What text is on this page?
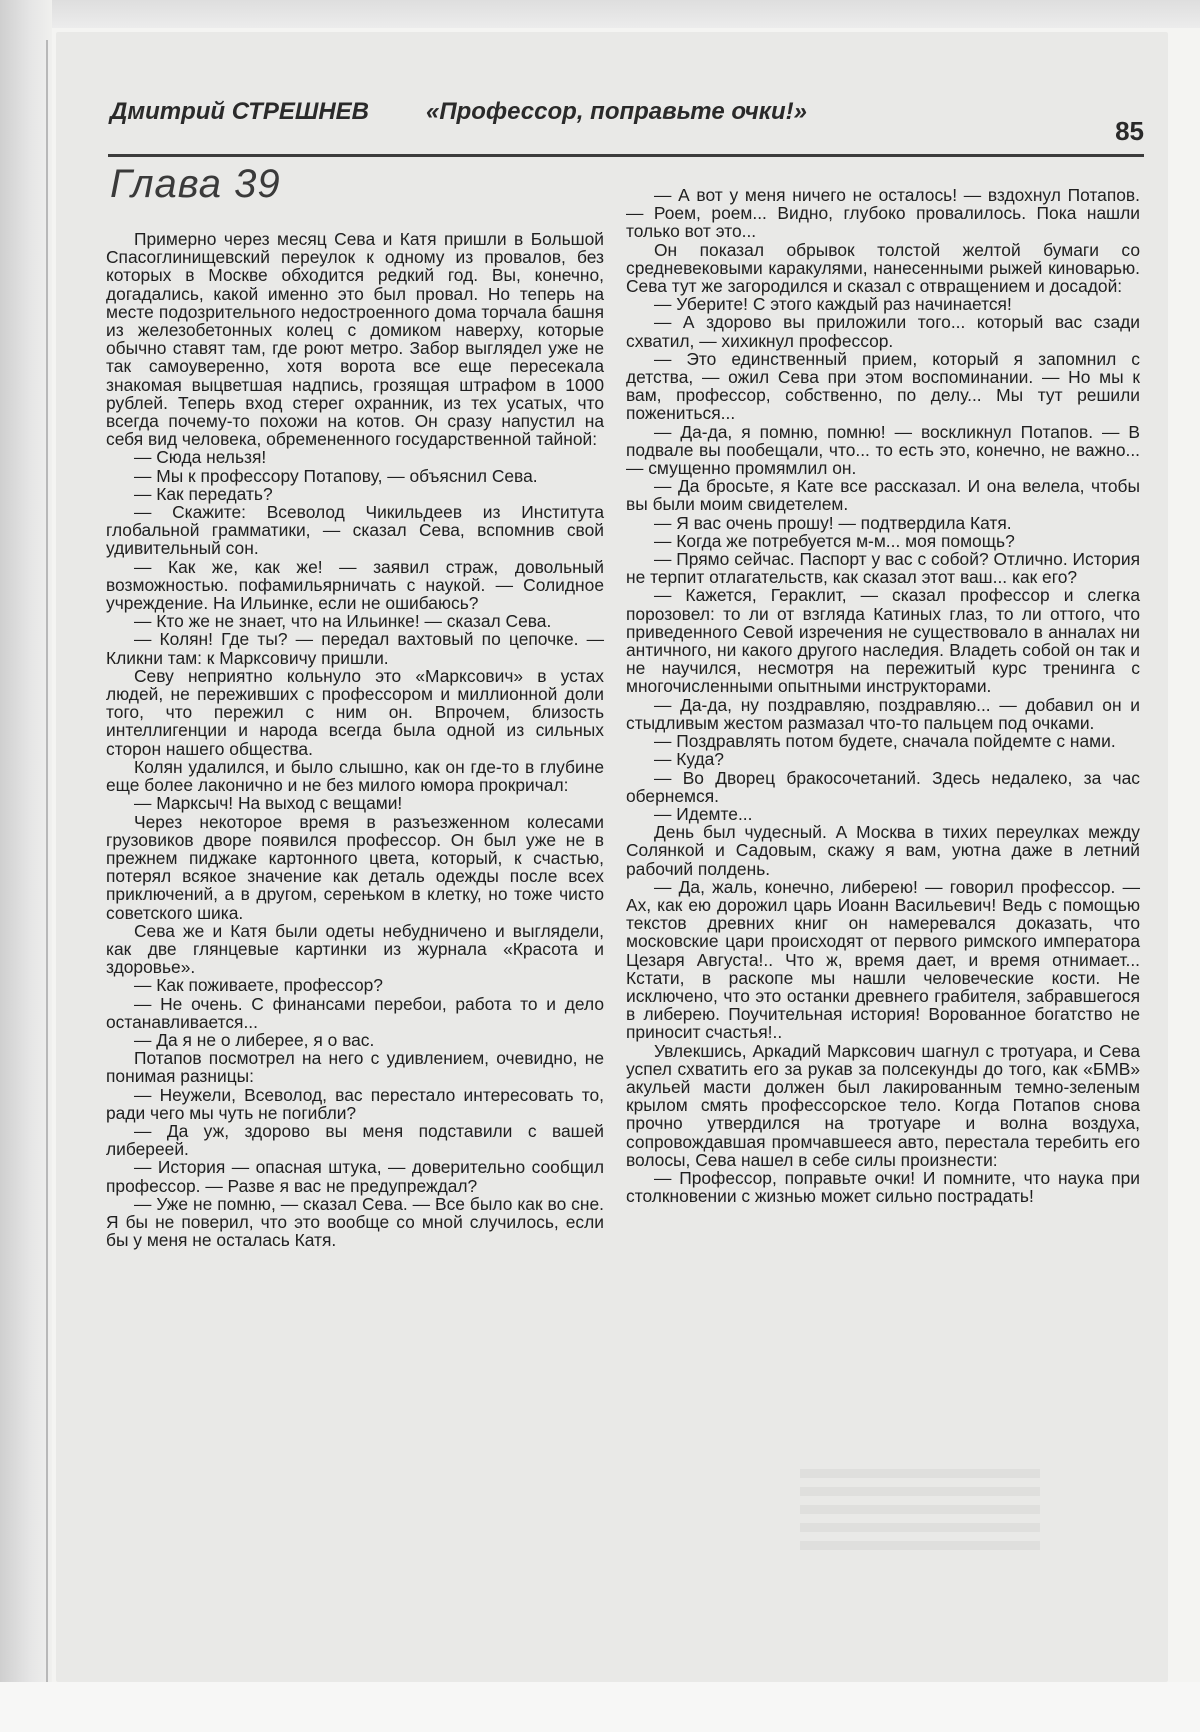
Дмитрий СТРЕШНЕВ «Профессор, поправьте очки!»
85
Глава 39

Примерно через месяц Сева и Катя пришли в Большой Спасоглинищевский переулок к одному из провалов, без которых в Москве обходится редкий год. Вы, конечно, догадались, какой именно это был провал. Но теперь на месте подозрительного недостроенного дома торчала башня из железобетонных колец с домиком наверху, которые обычно ставят там, где роют метро. Забор выглядел уже не так самоуверенно, хотя ворота все еще пересекала знакомая выцветшая надпись, грозящая штрафом в 1000 рублей. Теперь вход стерег охранник, из тех усатых, что всегда почему-то похожи на котов. Он сразу напустил на себя вид человека, обремененного государственной тайной:

— Сюда нельзя!

— Мы к профессору Потапову, — объяснил Сева.

— Как передать?

— Скажите: Всеволод Чикильдеев из Института глобальной грамматики, — сказал Сева, вспомнив свой удивительный сон.

— Как же, как же! — заявил страж, довольный возможностью. пофамильярничать с наукой. — Солидное учреждение. На Ильинке, если не ошибаюсь?

— Кто же не знает, что на Ильинке! — сказал Сева.

— Колян! Где ты? — передал вахтовый по цепочке. — Кликни там: к Марксовичу пришли.

Севу неприятно кольнуло это «Марксович» в устах людей, не переживших с профессором и миллионной доли того, что пережил с ним он. Впрочем, близость интеллигенции и народа всегда была одной из сильных сторон нашего общества.

Колян удалился, и было слышно, как он где-то в глубине еще более лаконично и не без милого юмора прокричал:

— Марксыч! На выход с вещами!

Через некоторое время в разъезженном колесами грузовиков дворе появился профессор. Он был уже не в прежнем пиджаке картонного цвета, который, к счастью, потерял всякое значение как деталь одежды после всех приключений, а в другом, серењком в клетку, но тоже чисто советского шика.

Сева же и Катя были одеты небудничено и выглядели, как две глянцевые картинки из журнала «Красота и здоровье».

— Как поживаете, профессор?

— Не очень. С финансами перебои, работа то и дело останавливается...

— Да я не о либерее, я о вас.

Потапов посмотрел на него с удивлением, очевидно, не понимая разницы:

— Неужели, Всеволод, вас перестало интересовать то, ради чего мы чуть не погибли?

— Да уж, здорово вы меня подставили с вашей либереей.

— История — опасная штука, — доверительно сообщил профессор. — Разве я вас не предупреждал?

— Уже не помню, — сказал Сева. — Все было как во сне. Я бы не поверил, что это вообще со мной случилось, если бы у меня не осталась Катя.

— А вот у меня ничего не осталось! — вздохнул Потапов. — Роем, роем... Видно, глубоко провалилось. Пока нашли только вот это...

Он показал обрывок толстой желтой бумаги со средневековыми каракулями, нанесенными рыжей киноварью. Сева тут же загородился и сказал с отвращением и досадой:

— Уберите! С этого каждый раз начинается!

— А здорово вы приложили того... который вас сзади схватил, — хихикнул профессор.

— Это единственный прием, который я запомнил с детства, — ожил Сева при этом воспоминании. — Но мы к вам, профессор, собственно, по делу... Мы тут решили пожениться...

— Да-да, я помню, помню! — воскликнул Потапов. — В подвале вы пообещали, что... то есть это, конечно, не важно... — смущенно промямлил он.

— Да бросьте, я Кате все рассказал. И она велела, чтобы вы были моим свидетелем.

— Я вас очень прошу! — подтвердила Катя.

— Когда же потребуется м-м... моя помощь?

— Прямо сейчас. Паспорт у вас с собой? Отлично. История не терпит отлагательств, как сказал этот ваш... как его?

— Кажется, Гераклит, — сказал профессор и слегка порозовел: то ли от взгляда Катиных глаз, то ли оттого, что приведенного Севой изречения не существовало в анналах ни античного, ни какого другого наследия. Владеть собой он так и не научился, несмотря на пережитый курс тренинга с многочисленными опытными инструкторами.

— Да-да, ну поздравляю, поздравляю... — добавил он и стыдливым жестом размазал что-то пальцем под очками.

— Поздравлять потом будете, сначала пойдемте с нами.

— Куда?

— Во Дворец бракосочетаний. Здесь недалеко, за час обернемся.

— Идемте...

День был чудесный. А Москва в тихих переулках между Солянкой и Садовым, скажу я вам, уютна даже в летний рабочий полдень.

— Да, жаль, конечно, либерею! — говорил профессор. — Ах, как ею дорожил царь Иоанн Васильевич! Ведь с помощью текстов древних книг он намеревался доказать, что московские цари происходят от первого римского императора Цезаря Августа!.. Что ж, время дает, и время отнимает... Кстати, в раскопе мы нашли человеческие кости. Не исключено, что это останки древнего грабителя, забравшегося в либерею. Поучительная история! Ворованное богатство не приносит счастья!..

Увлекшись, Аркадий Марксович шагнул с тротуара, и Сева успел схватить его за рукав за полсекунды до того, как «БМВ» акульей масти должен был лакированным темно-зеленым крылом смять профессорское тело. Когда Потапов снова прочно утвердился на тротуаре и волна воздуха, сопровождавшая промчавшееся авто, перестала теребить его волосы, Сева нашел в себе силы произнести:

— Профессор, поправьте очки! И помните, что наука при столкновении с жизнью может сильно пострадать!
